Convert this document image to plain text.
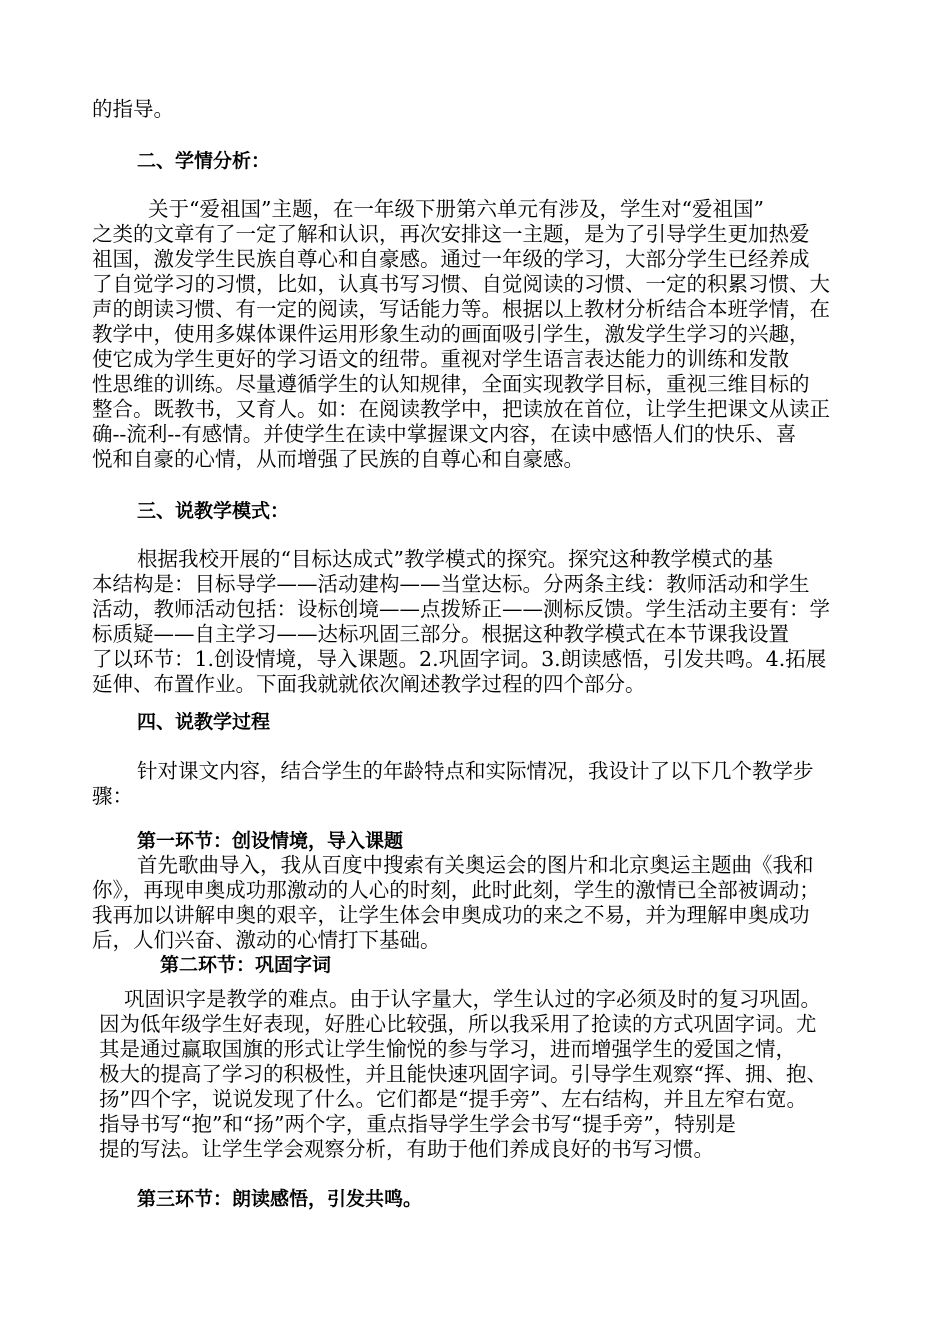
的指导。
二、学情分析：
关于“爱祖国”主题，在一年级下册第六单元有涉及，学生对“爱祖国”
之类的文章有了一定了解和认识，再次安排这一主题，是为了引导学生更加热爱
祖国，激发学生民族自尊心和自豪感。通过一年级的学习，大部分学生已经养成
了自觉学习的习惯，比如，认真书写习惯、自觉阅读的习惯、一定的积累习惯、大
声的朗读习惯、有一定的阅读，写话能力等。根据以上教材分析结合本班学情，在
教学中，使用多媒体课件运用形象生动的画面吸引学生，激发学生学习的兴趣，
使它成为学生更好的学习语文的纽带。重视对学生语言表达能力的训练和发散
性思维的训练。尽量遵循学生的认知规律，全面实现教学目标，重视三维目标的
整合。既教书，又育人。如：在阅读教学中，把读放在首位，让学生把课文从读正
确--流利--有感情。并使学生在读中掌握课文内容，在读中感悟人们的快乐、喜
悦和自豪的心情，从而增强了民族的自尊心和自豪感。
三、说教学模式：
根据我校开展的“目标达成式”教学模式的探究。探究这种教学模式的基
本结构是：目标导学——活动建构——当堂达标。分两条主线：教师活动和学生
活动，教师活动包括：设标创境——点拨矫正——测标反馈。学生活动主要有：学
标质疑——自主学习——达标巩固三部分。根据这种教学模式在本节课我设置
了以环节：1.创设情境，导入课题。2.巩固字词。3.朗读感悟，引发共鸣。4.拓展
延伸、布置作业。下面我就就依次阐述教学过程的四个部分。
四、说教学过程
针对课文内容，结合学生的年龄特点和实际情况，我设计了以下几个教学步
骤：
第一环节：创设情境，导入课题
首先歌曲导入，我从百度中搜索有关奥运会的图片和北京奥运主题曲《我和
你》，再现申奥成功那激动的人心的时刻，此时此刻，学生的激情已全部被调动；
我再加以讲解申奥的艰辛，让学生体会申奥成功的来之不易，并为理解申奥成功
后，人们兴奋、激动的心情打下基础。
第二环节：巩固字词
巩固识字是教学的难点。由于认字量大，学生认过的字必须及时的复习巩固。
因为低年级学生好表现，好胜心比较强，所以我采用了抢读的方式巩固字词。尤
其是通过赢取国旗的形式让学生愉悦的参与学习，进而增强学生的爱国之情，
极大的提高了学习的积极性，并且能快速巩固字词。引导学生观察“挥、拥、抱、
扬”四个字，说说发现了什么。它们都是“提手旁”、左右结构，并且左窄右宽。
指导书写“抱”和“扬”两个字，重点指导学生学会书写“提手旁”，特别是
提的写法。让学生学会观察分析，有助于他们养成良好的书写习惯。
第三环节：朗读感悟，引发共鸣。
